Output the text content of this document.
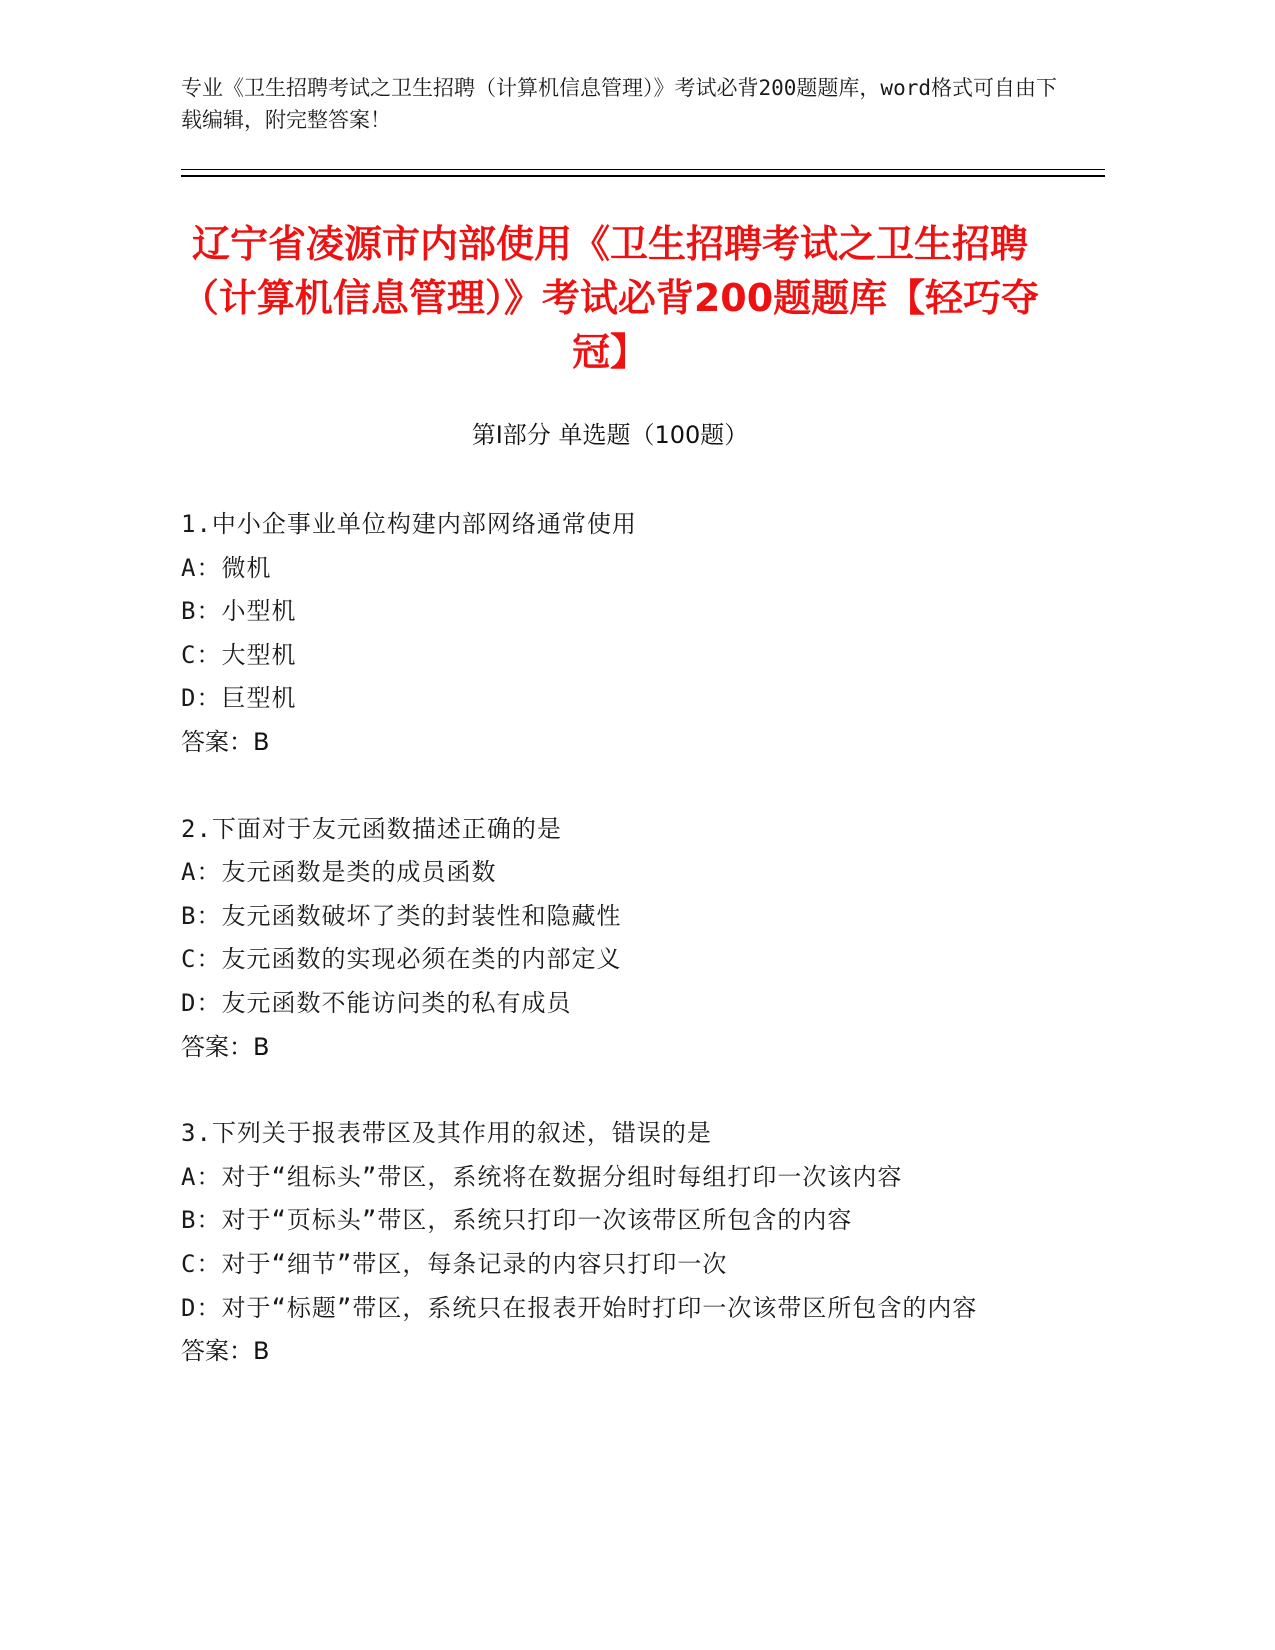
专业《卫生招聘考试之卫生招聘（计算机信息管理）》考试必背200题题库，word格式可自由下载编辑，附完整答案！
辽宁省凌源市内部使用《卫生招聘考试之卫生招聘（计算机信息管理）》考试必背200题题库【轻巧夺冠】
第I部分 单选题（100题）
1.中小企事业单位构建内部网络通常使用
A：微机
B：小型机
C：大型机
D：巨型机
答案：B
2.下面对于友元函数描述正确的是
A：友元函数是类的成员函数
B：友元函数破坏了类的封装性和隐藏性
C：友元函数的实现必须在类的内部定义
D：友元函数不能访问类的私有成员
答案：B
3.下列关于报表带区及其作用的叙述，错误的是
A：对于“组标头”带区，系统将在数据分组时每组打印一次该内容
B：对于“页标头”带区，系统只打印一次该带区所包含的内容
C：对于“细节”带区，每条记录的内容只打印一次
D：对于“标题”带区，系统只在报表开始时打印一次该带区所包含的内容
答案：B
